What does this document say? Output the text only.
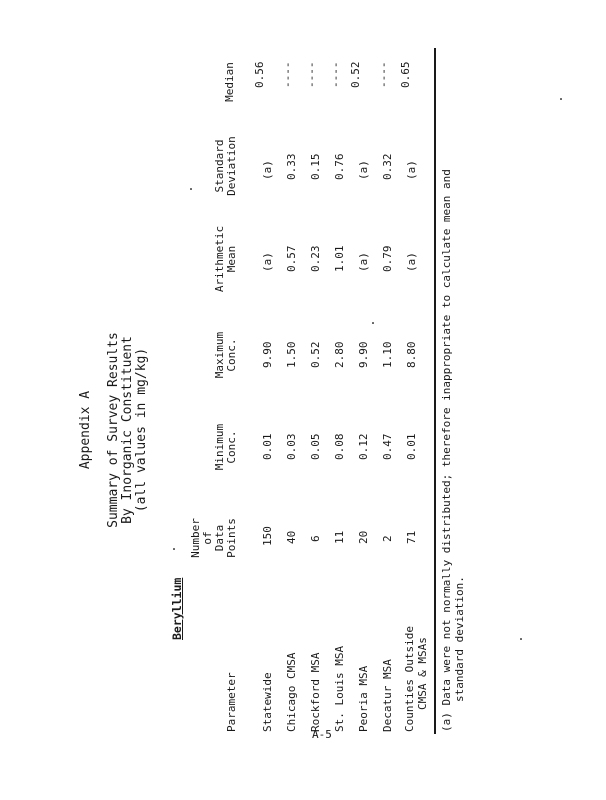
Appendix A Summary of Survey Results By Inorganic Constituent (all values in mg/kg)
Beryllium
Parameter
Number of Data Points
Minimum Conc.
Maximum Conc.
Arithmetic Mean
Standard Deviation
Median
Statewide
150
0.01
9.90
(a)
(a)
0.56
Chicago CMSA
40
0.03
1.50
0.57
0.33
----
Rockford MSA
6
0.05
0.52
0.23
0.15
----
St. Louis MSA
11
0.08
2.80
1.01
0.76
----
Peoria MSA
20
0.12
9.90
(a)
(a)
0.52
Decatur MSA
2
0.47
1.10
0.79
0.32
----
Counties Outside CMSA & MSAs
71
0.01
8.80
(a)
(a)
0.65
(a) Data were not normally distributed; therefore inappropriate to calculate mean and standard deviation.
A-5
